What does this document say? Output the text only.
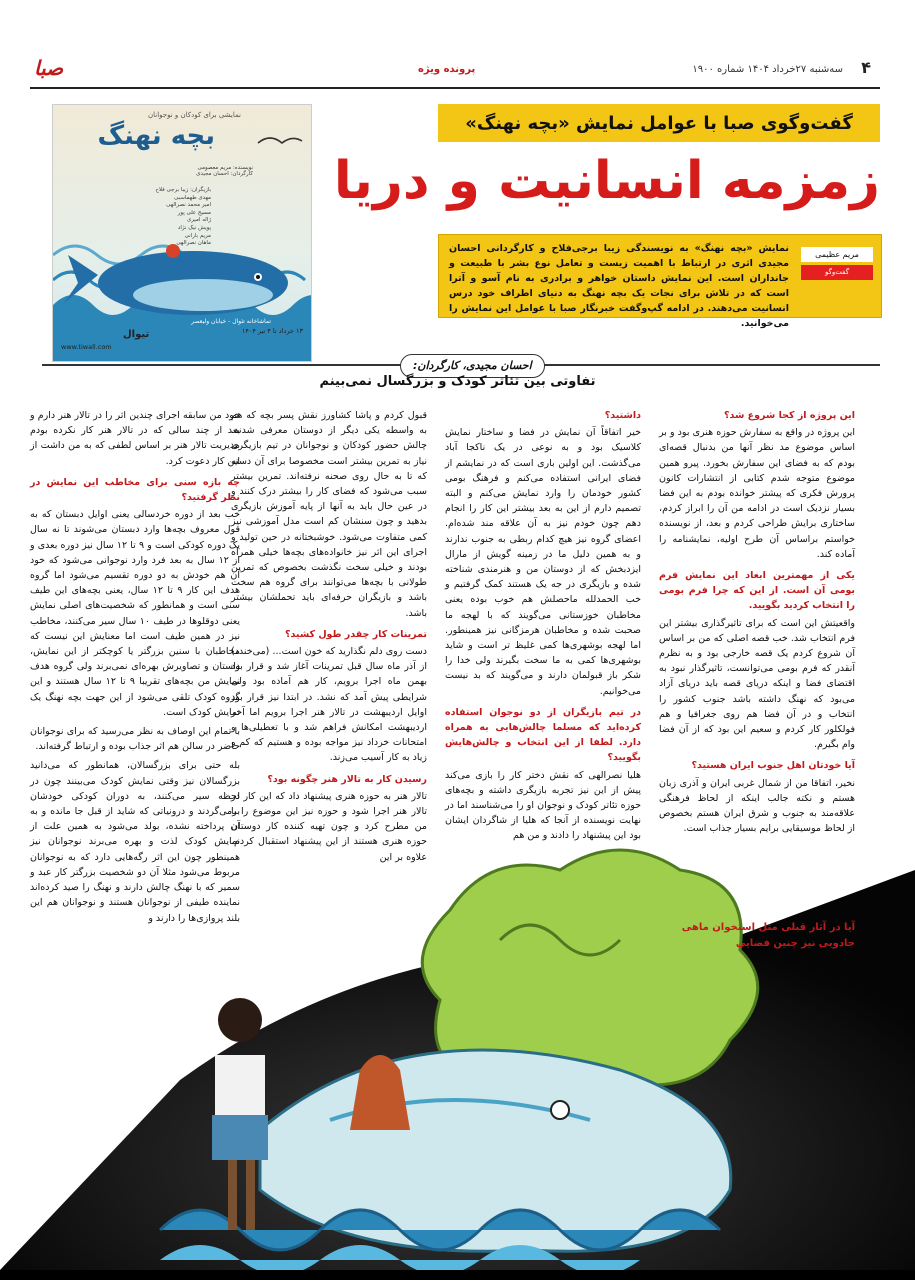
۴
سه‌شنبه ۲۷خرداد ۱۴۰۴ شماره ۱۹۰۰
پرونده ویژه
صبا
نمایشی برای کودکان و نوجوانان
بچه نهنگ
نویسنده: مریم معصومی
کارگردان: احسان مجیدی
بازیگران: زیبا برجی فلاح
مهدی طهماسبی
امیر محمد نصرالهی
مسیح علی پور
ژاله امیری
پویش نیک نژاد
مریم بارانی
ماهان نصرالهی
تماشاخانه تئوال - خیابان ولیعصر
۱۳ خرداد تا ۴ تیر ۱۴۰۴
تیوال
www.tiwall.com
گفت‌وگوی صبا با عوامل نمایش «بچه نهنگ»
زمزمه انسانیت و دریا
نمایش «بچه نهنگ» به نویسندگی زیبا برجی‌فلاح و کارگردانی احسان مجیدی اثری در ارتباط با اهمیت زیست و تعامل نوع بشر با طبیعت و جانداران است. این نمایش داستان خواهر و برادری به نام آسو و آترا است که در تلاش برای نجات یک بچه نهنگ به دنیای اطراف خود درس انسانیت می‌دهند. در ادامه گپ‌وگفت خبرنگار صبا با عوامل این نمایش را می‌خوانید.
مریم عظیمی
گفت‌وگو
احسان مجیدی، کارگردان:
تفاوتی بین تئاتر کودک و بزرگسال نمی‌بینم
این پروژه از کجا شروع شد؟
این پروژه در واقع به سفارش حوزه هنری بود و بر اساس موضوع مد نظر آنها من بدنبال قصه‌ای بودم که به فضای این سفارش بخورد. پیرو همین موضوع متوجه شدم کتابی از انتشارات کانون پرورش فکری که پیشتر خوانده بودم به این فضا بسیار نزدیک است در ادامه من آن را ابراز کردم، ساختاری برایش طراحی کردم و بعد، از نویسنده خواستم براساس آن طرح اولیه، نمایشنامه را آماده کند.
یکی از مهمترین ابعاد این نمایش فرم بومی آن است. از این که چرا فرم بومی را انتخاب کردید بگویید.
واقعیتش این است که برای تاثیرگذاری بیشتر این فرم انتخاب شد. خب قصه اصلی که من بر اساس آن شروع کردم یک قصه خارجی بود و به نظرم آنقدر که فرم بومی می‌توانست، تاثیرگذار نبود به اقتضای فضا و اینکه دریای قصه باید دریای آزاد می‌بود که نهنگ داشته باشد جنوب کشور را انتخاب و در آن فضا هم روی جغرافیا و هم فولکلور کار کردم و سعیم این بود که از آن فضا وام بگیرم.
آیا خودتان اهل جنوب ایران هستید؟
نخیر، اتفاقا من از شمال غربی ایران و آذری زبان هستم و نکته جالب اینکه از لحاظ فرهنگی علاقه‌مند به جنوب و شرق ایران هستم بخصوص از لحاظ موسیقایی برایم بسیار جذاب است.
آیا در آثار قبلی مثل استخوان ماهی جادویی نیز چنین فضایی
داشتید؟
خیر اتفاقاً آن نمایش در فضا و ساختار نمایش کلاسیک بود و به نوعی در یک ناکجا آباد می‌گذشت. این اولین باری است که در نمایشم از فضای ایرانی استفاده می‌کنم و فرهنگ بومی کشور خودمان را وارد نمایش می‌کنم و البته تصمیم دارم از این به بعد بیشتر این کار را انجام دهم چون خودم نیز به آن علاقه مند شده‌ام. اعضای گروه نیز هیچ کدام ربطی به جنوب ندارند و به همین دلیل ما در زمینه گویش از مارال ایزدبخش که از دوستان من و هنرمندی شناخته شده و بازیگری در جه یک هستند کمک گرفتیم و خب الحمدلله ماحصلش هم خوب بوده یعنی مخاطبان خوزستانی می‌گویند که با لهجه ما صحبت شده و مخاطبان هرمزگانی نیز همینطور. اما لهجه بوشهری‌ها کمی غلیظ تر است و شاید بوشهری‌ها کمی به ما سخت بگیرند ولی خدا را شکر باز قبولمان دارند و می‌گویند که بد نیست می‌خوانیم.
در تیم بازیگران از دو نوجوان استفاده کرده‌اید که مسلما چالش‌هایی به همراه دارد. لطفا از این انتخاب و چالش‌هایش بگویید؟
هلیا نصرالهی که نقش دختر کار را بازی می‌کند پیش از این نیز تجربه بازیگری داشته و بچه‌های حوزه تئاتر کودک و نوجوان او را می‌شناسند اما در نهایت نویسنده از آنجا که هلیا از شاگردان ایشان بود این پیشنهاد را دادند و من هم
قبول کردم و پاشا کشاورز نقش پسر بچه که هم به واسطه یکی دیگر از دوستان معرفی شدند. چالش حضور کودکان و نوجوانان در تیم بازیگری نیاز به تمرین بیشتر است مخصوصا برای آن دسته که تا به حال روی صحنه نرفته‌اند. تمرین بیشتر سبب می‌شود که فضای کار را بیشتر درک کنند و در عین حال باید به آنها از پایه آموزش بازیگری بدهید و چون سنشان کم است مدل آموزشی نیز کمی متفاوت می‌شود. خوشبختانه در حین تولید و اجرای این اثر نیز خانواده‌های بچه‌ها خیلی همراه بودند و خیلی سخت نگذشت بخصوص که تمرین طولانی با بچه‌ها می‌توانند برای گروه هم سخت باشد و بازیگران حرفه‌ای باید تحملشان بیشتر باشد.
تمرینات کار چقدر طول کشید؟
دست روی دلم نگذارید که خون است... (می‌خندد) از آذر ماه سال قبل تمرینات آغاز شد و قرار بود بهمن ماه اجرا برویم، کار هم آماده بود ولی شرایطی پیش آمد که نشد. در ابتدا نیز قرار بود اوایل اردیبهشت در تالار هنر اجرا برویم اما آخر اردیبهشت امکانش فراهم شد و با تعطیلی‌ها و امتحانات خرداد نیز مواجه بوده و هستیم که کم و زیاد به کار آسیب می‌زند.
رسیدن کار به تالار هنر چگونه بود؟
تالار هنر به حوزه هنری پیشنهاد داد که این کار در تالار هنر اجرا شود و حوزه نیز این موضوع را با من مطرح کرد و چون تهیه کننده کار دوستان حوزه هنری هستند از این پیشنهاد استقبال کردم. علاوه بر این
خود من سابقه اجرای چندین اثر را در تالار هنر دارم و بعد از چند سالی که در تالار هنر کار نکرده بودم مدیریت تالار هنر بر اساس لطفی که به من داشت از این کار دعوت کرد.
چه بازه سنی برای مخاطب این نمایش در نظر گرفتید؟
خب بعد از دوره خردسالی یعنی اوایل دبستان که به قول معروف بچه‌ها وارد دبستان می‌شوند تا نه سال یک دوره کودکی است و ۹ تا ۱۲ سال نیز دوره بعدی و از ۱۲ سال به بعد فرد وارد نوجوانی می‌شود که خود آن هم خودش به دو دوره تقسیم می‌شود اما گروه هدف این کار ۹ تا ۱۲ سال، یعنی بچه‌های این طیف سنی است و همانطور که شخصیت‌های اصلی نمایش یعنی دوقلوها در طیف ۱۰ سال سیر می‌کنند، مخاطب نیز در همین طیف است اما معنایش این نیست که مخاطبان با سنین بزرگتر یا کوچکتر از این نمایش، داستان و تصاویرش بهره‌ای نمی‌برند ولی گروه هدف نمایش من بچه‌های تقریبا ۹ تا ۱۲ سال هستند و این گروه کودک تلقی می‌شود از این جهت بچه نهنگ یک نمایش کودک است.
با تمام این اوصاف به نظر می‌رسید که برای نوجوانان حاضر در سالن هم اثر جذاب بوده و ارتباط گرفته‌اند.
بله حتی برای بزرگسالان، همانطور که می‌دانید بزرگسالان نیز وقتی نمایش کودک می‌بینند چون در لحظه سیر می‌کنند، به دوران کودکی خودشان برمی‌گردند و درونیاتی که شاید از قبل جا مانده و به آن پرداخته نشده، بولد می‌شود به همین علت از نمایش کودک لذت و بهره می‌برند نوجوانان نیز همینطور چون این اثر رگه‌هایی دارد که به نوجوانان مربوط می‌شود مثلا آن دو شخصیت بزرگتر کار عبد و سمیر که با نهنگ چالش دارند و نهنگ را صید کرده‌اند نماینده طیفی از نوجوانان هستند و نوجوانان هم این بلند پروازی‌ها را دارند و
